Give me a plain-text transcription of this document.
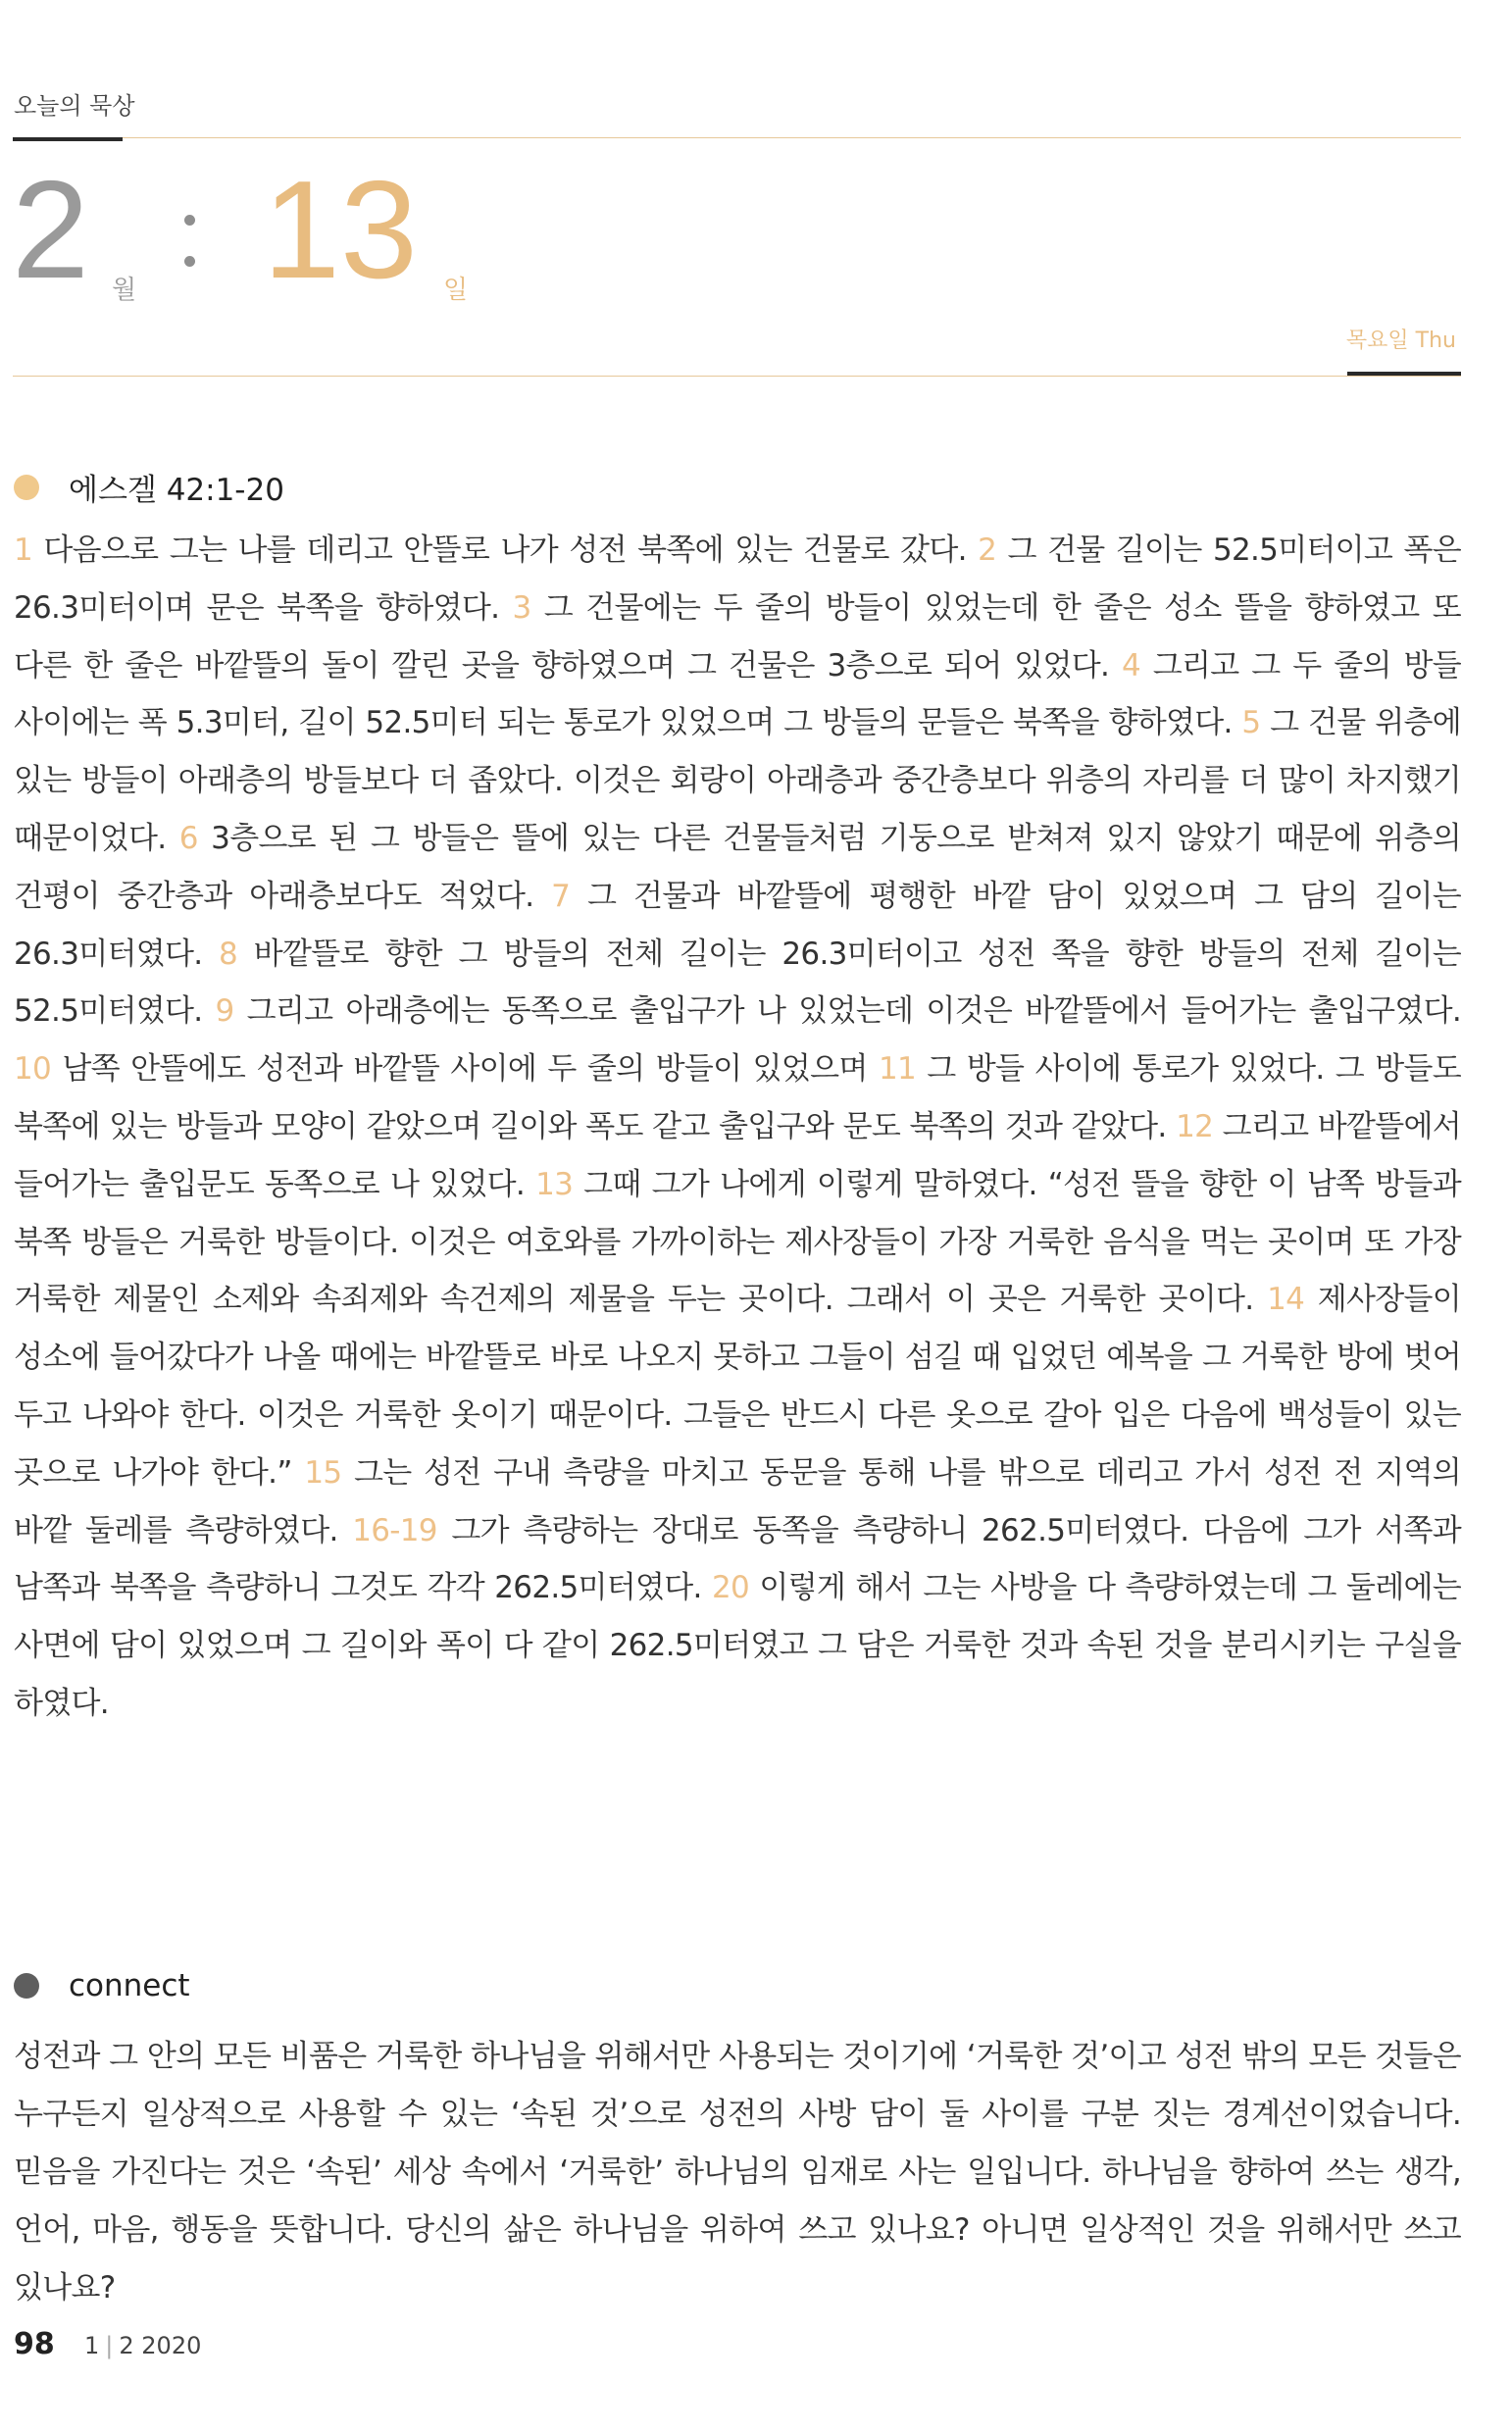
오늘의 묵상
2 월 13 일
목요일 Thu
에스겔 42:1-20
1 다음으로 그는 나를 데리고 안뜰로 나가 성전 북쪽에 있는 건물로 갔다. 2 그 건물 길이는 52.5미터이고 폭은 26.3미터이며 문은 북쪽을 향하였다. 3 그 건물에는 두 줄의 방들이 있었는데 한 줄은 성소 뜰을 향하였고 또 다른 한 줄은 바깥뜰의 돌이 깔린 곳을 향하였으며 그 건물은 3층으로 되어 있었다. 4 그리고 그 두 줄의 방들 사이에는 폭 5.3미터, 길이 52.5미터 되는 통로가 있었으며 그 방들의 문들은 북쪽을 향하였다. 5 그 건물 위층에 있는 방들이 아래층의 방들보다 더 좁았다. 이것은 회랑이 아래층과 중간층보다 위층의 자리를 더 많이 차지했기 때문이었다. 6 3층으로 된 그 방들은 뜰에 있는 다른 건물들처럼 기둥으로 받쳐져 있지 않았기 때문에 위층의 건평이 중간층과 아래층보다도 적었다. 7 그 건물과 바깥뜰에 평행한 바깥 담이 있었으며 그 담의 길이는 26.3미터였다. 8 바깥뜰로 향한 그 방들의 전체 길이는 26.3미터이고 성전 쪽을 향한 방들의 전체 길이는 52.5미터였다. 9 그리고 아래층에는 동쪽으로 출입구가 나 있었는데 이것은 바깥뜰에서 들어가는 출입구였다. 10 남쪽 안뜰에도 성전과 바깥뜰 사이에 두 줄의 방들이 있었으며 11 그 방들 사이에 통로가 있었다. 그 방들도 북쪽에 있는 방들과 모양이 같았으며 길이와 폭도 같고 출입구와 문도 북쪽의 것과 같았다. 12 그리고 바깥뜰에서 들어가는 출입문도 동쪽으로 나 있었다. 13 그때 그가 나에게 이렇게 말하였다. “성전 뜰을 향한 이 남쪽 방들과 북쪽 방들은 거룩한 방들이다. 이것은 여호와를 가까이하는 제사장들이 가장 거룩한 음식을 먹는 곳이며 또 가장 거룩한 제물인 소제와 속죄제와 속건제의 제물을 두는 곳이다. 그래서 이 곳은 거룩한 곳이다. 14 제사장들이 성소에 들어갔다가 나올 때에는 바깥뜰로 바로 나오지 못하고 그들이 섬길 때 입었던 예복을 그 거룩한 방에 벗어 두고 나와야 한다. 이것은 거룩한 옷이기 때문이다. 그들은 반드시 다른 옷으로 갈아 입은 다음에 백성들이 있는 곳으로 나가야 한다.” 15 그는 성전 구내 측량을 마치고 동문을 통해 나를 밖으로 데리고 가서 성전 전 지역의 바깥 둘레를 측량하였다. 16-19 그가 측량하는 장대로 동쪽을 측량하니 262.5미터였다. 다음에 그가 서쪽과 남쪽과 북쪽을 측량하니 그것도 각각 262.5미터였다. 20 이렇게 해서 그는 사방을 다 측량하였는데 그 둘레에는 사면에 담이 있었으며 그 길이와 폭이 다 같이 262.5미터였고 그 담은 거룩한 것과 속된 것을 분리시키는 구실을 하였다.
connect
성전과 그 안의 모든 비품은 거룩한 하나님을 위해서만 사용되는 것이기에 ‘거룩한 것’이고 성전 밖의 모든 것들은 누구든지 일상적으로 사용할 수 있는 ‘속된 것’으로 성전의 사방 담이 둘 사이를 구분 짓는 경계선이었습니다. 믿음을 가진다는 것은 ‘속된’ 세상 속에서 ‘거룩한’ 하나님의 임재로 사는 일입니다. 하나님을 향하여 쓰는 생각, 언어, 마음, 행동을 뜻합니다. 당신의 삶은 하나님을 위하여 쓰고 있나요? 아니면 일상적인 것을 위해서만 쓰고 있나요?
98 1 | 2 2020
